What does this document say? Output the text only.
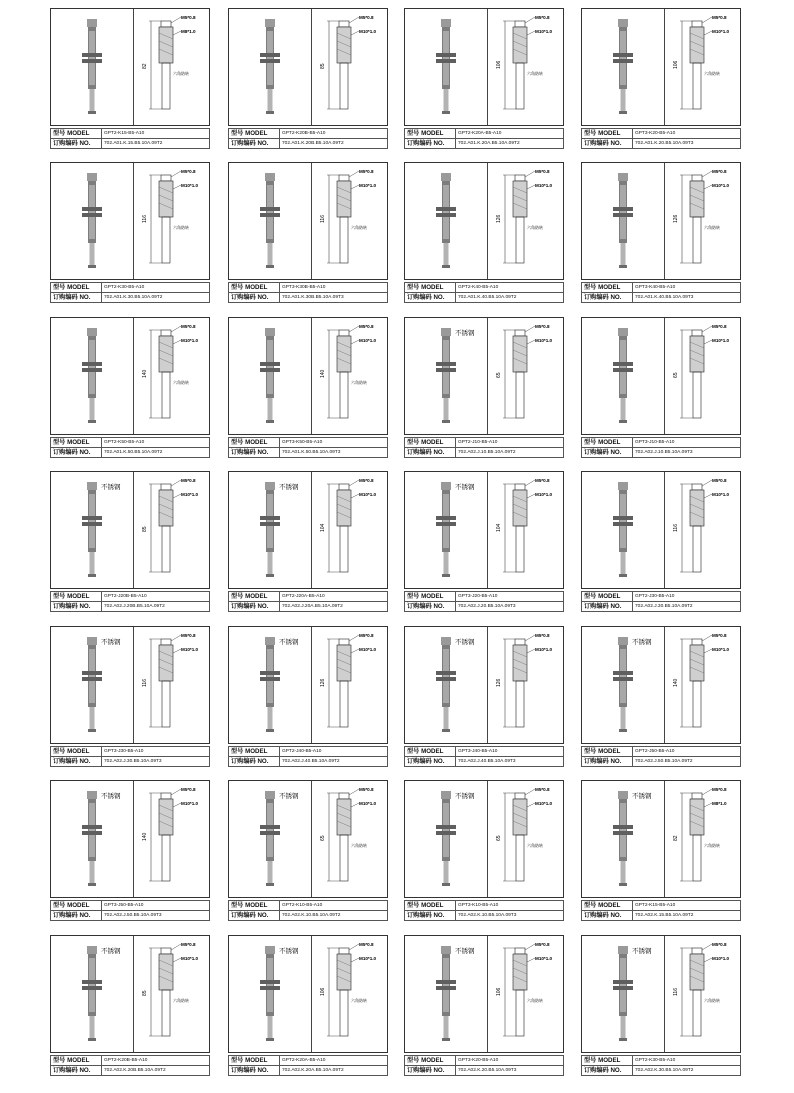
M5*0.8
M8*1.0
82
六角防转
型号 MODEL	GPT2-K15-B5-A10
订购编码 NO.	702.A01.K.15.B5.10A.09T2
M5*0.8
M10*1.0
85
型号 MODEL	GPT2-K20B-B5-A10
订购编码 NO.	702.A01.K.20B.B5.10A.09T2
M5*0.8
M10*1.0
106
六角防转
型号 MODEL	GPT2-K20A-B5-A10
订购编码 NO.	702.A01.K.20A.B5.10A.09T2
M5*0.8
M10*1.0
106
六角防转
型号 MODEL	GPT3-K20-B5-A10
订购编码 NO.	702.A01.K.20.B5.10A.09T3
M5*0.8
M10*1.0
116
六角防转
型号 MODEL	GPT2-K30-B5-A10
订购编码 NO.	702.A01.K.30.B5.10A.09T2
M5*0.8
M10*1.0
116
六角防转
型号 MODEL	GPT3-K30B-B5-A10
订购编码 NO.	702.A01.K.30B.B5.10A.09T3
M5*0.8
M10*1.0
126
六角防转
型号 MODEL	GPT2-K40-B5-A10
订购编码 NO.	702.A01.K.40.B5.10A.09T2
M5*0.8
M10*1.0
126
六角防转
型号 MODEL	GPT3-K40-B5-A10
订购编码 NO.	702.A01.K.40.B5.10A.09T3
M5*0.8
M10*1.0
140
六角防转
型号 MODEL	GPT2-K50-B5-A10
订购编码 NO.	702.A01.K.50.B5.10A.09T2
M5*0.8
M10*1.0
140
六角防转
型号 MODEL	GPT3-K50-B5-A10
订购编码 NO.	702.A01.K.50.B5.10A.09T3
不锈钢
M5*0.8
M10*1.0
65
型号 MODEL	GPT2-J10-B5-A10
订购编码 NO.	702.A02.J.10.B5.10A.09T2
M5*0.8
M10*1.0
65
型号 MODEL	GPT3-J10-B5-A10
订购编码 NO.	702.A02.J.10.B5.10A.09T3
不锈钢
M5*0.8
M10*1.0
85
型号 MODEL	GPT2-J20B-B5-A10
订购编码 NO.	702.A02.J.20B.B5.10A.09T2
不锈钢
M5*0.8
M10*1.0
104
型号 MODEL	GPT2-J20A-B5-A10
订购编码 NO.	702.A02.J.20A.B5.10A.09T2
不锈钢
M5*0.8
M10*1.0
104
型号 MODEL	GPT3-J20-B5-A10
订购编码 NO.	702.A02.J.20.B5.10A.09T3
M5*0.8
M10*1.0
116
型号 MODEL	GPT2-J30-B5-A10
订购编码 NO.	702.A02.J.30.B5.10A.09T2
不锈钢
M5*0.8
M10*1.0
116
型号 MODEL	GPT3-J30-B5-A10
订购编码 NO.	702.A02.J.30.B5.10A.09T3
不锈钢
M5*0.8
M10*1.0
126
型号 MODEL	GPT2-J40-B5-A10
订购编码 NO.	702.A02.J.40.B5.10A.09T2
不锈钢
M5*0.8
M10*1.0
126
型号 MODEL	GPT3-J40-B5-A10
订购编码 NO.	702.A02.J.40.B5.10A.09T3
不锈钢
M5*0.8
M10*1.0
140
型号 MODEL	GPT2-J50-B5-A10
订购编码 NO.	702.A02.J.50.B5.10A.09T2
不锈钢
M5*0.8
M10*1.0
140
型号 MODEL	GPT3-J50-B5-A10
订购编码 NO.	702.A02.J.50.B5.10A.09T3
不锈钢
M5*0.8
M10*1.0
65
六角防转
型号 MODEL	GPT2-K10-B5-A10
订购编码 NO.	702.A02.K.10.B5.10A.09T2
不锈钢
M5*0.8
M10*1.0
65
六角防转
型号 MODEL	GPT3-K10-B5-A10
订购编码 NO.	702.A02.K.10.B5.10A.09T3
不锈钢
M5*0.8
M8*1.0
82
六角防转
型号 MODEL	GPT2-K15-B5-A10
订购编码 NO.	702.A02.K.15.B5.10A.09T2
不锈钢
M5*0.8
M10*1.0
85
六角防转
型号 MODEL	GPT2-K20B-B5-A10
订购编码 NO.	702.A02.K.20B.B5.10A.09T2
不锈钢
M5*0.8
M10*1.0
106
六角防转
型号 MODEL	GPT2-K20A-B5-A10
订购编码 NO.	702.A02.K.20A.B5.10A.09T2
不锈钢
M5*0.8
M10*1.0
106
六角防转
型号 MODEL	GPT3-K20-B5-A10
订购编码 NO.	702.A02.K.20.B5.10A.09T3
不锈钢
M5*0.8
M10*1.0
116
六角防转
型号 MODEL	GPT2-K30-B5-A10
订购编码 NO.	702.A02.K.30.B5.10A.09T2
